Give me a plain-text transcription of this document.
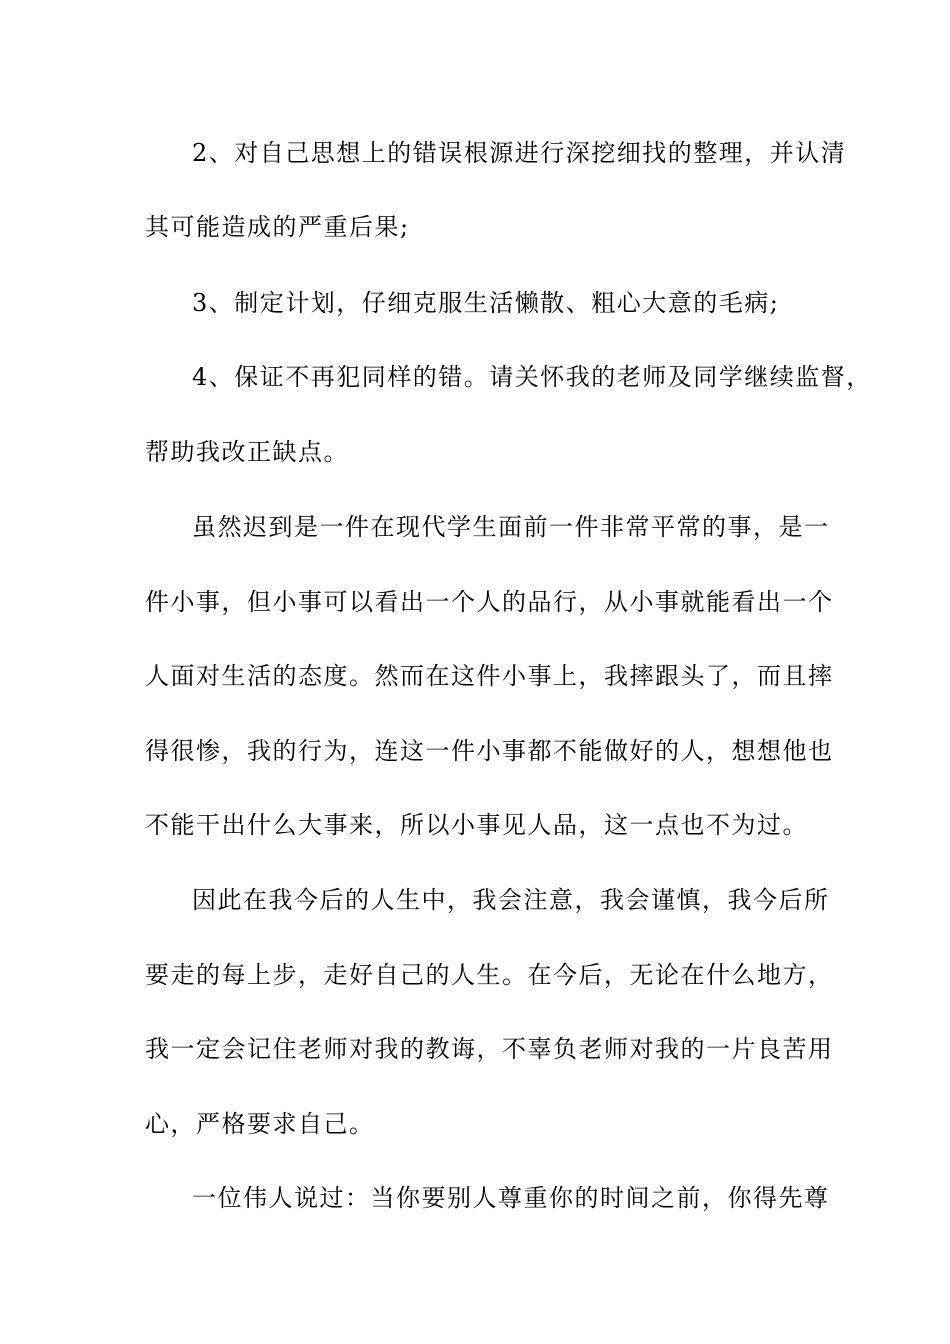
2、对自己思想上的错误根源进行深挖细找的整理，并认清
其可能造成的严重后果;
3、制定计划，仔细克服生活懒散、粗心大意的毛病;
4、保证不再犯同样的错。请关怀我的老师及同学继续监督，
帮助我改正缺点。
虽然迟到是一件在现代学生面前一件非常平常的事，是一
件小事，但小事可以看出一个人的品行，从小事就能看出一个
人面对生活的态度。然而在这件小事上，我摔跟头了，而且摔
得很惨，我的行为，连这一件小事都不能做好的人，想想他也
不能干出什么大事来，所以小事见人品，这一点也不为过。
因此在我今后的人生中，我会注意，我会谨慎，我今后所
要走的每上步，走好自己的人生。在今后，无论在什么地方，
我一定会记住老师对我的教诲，不辜负老师对我的一片良苦用
心，严格要求自己。
一位伟人说过：当你要别人尊重你的时间之前，你得先尊
